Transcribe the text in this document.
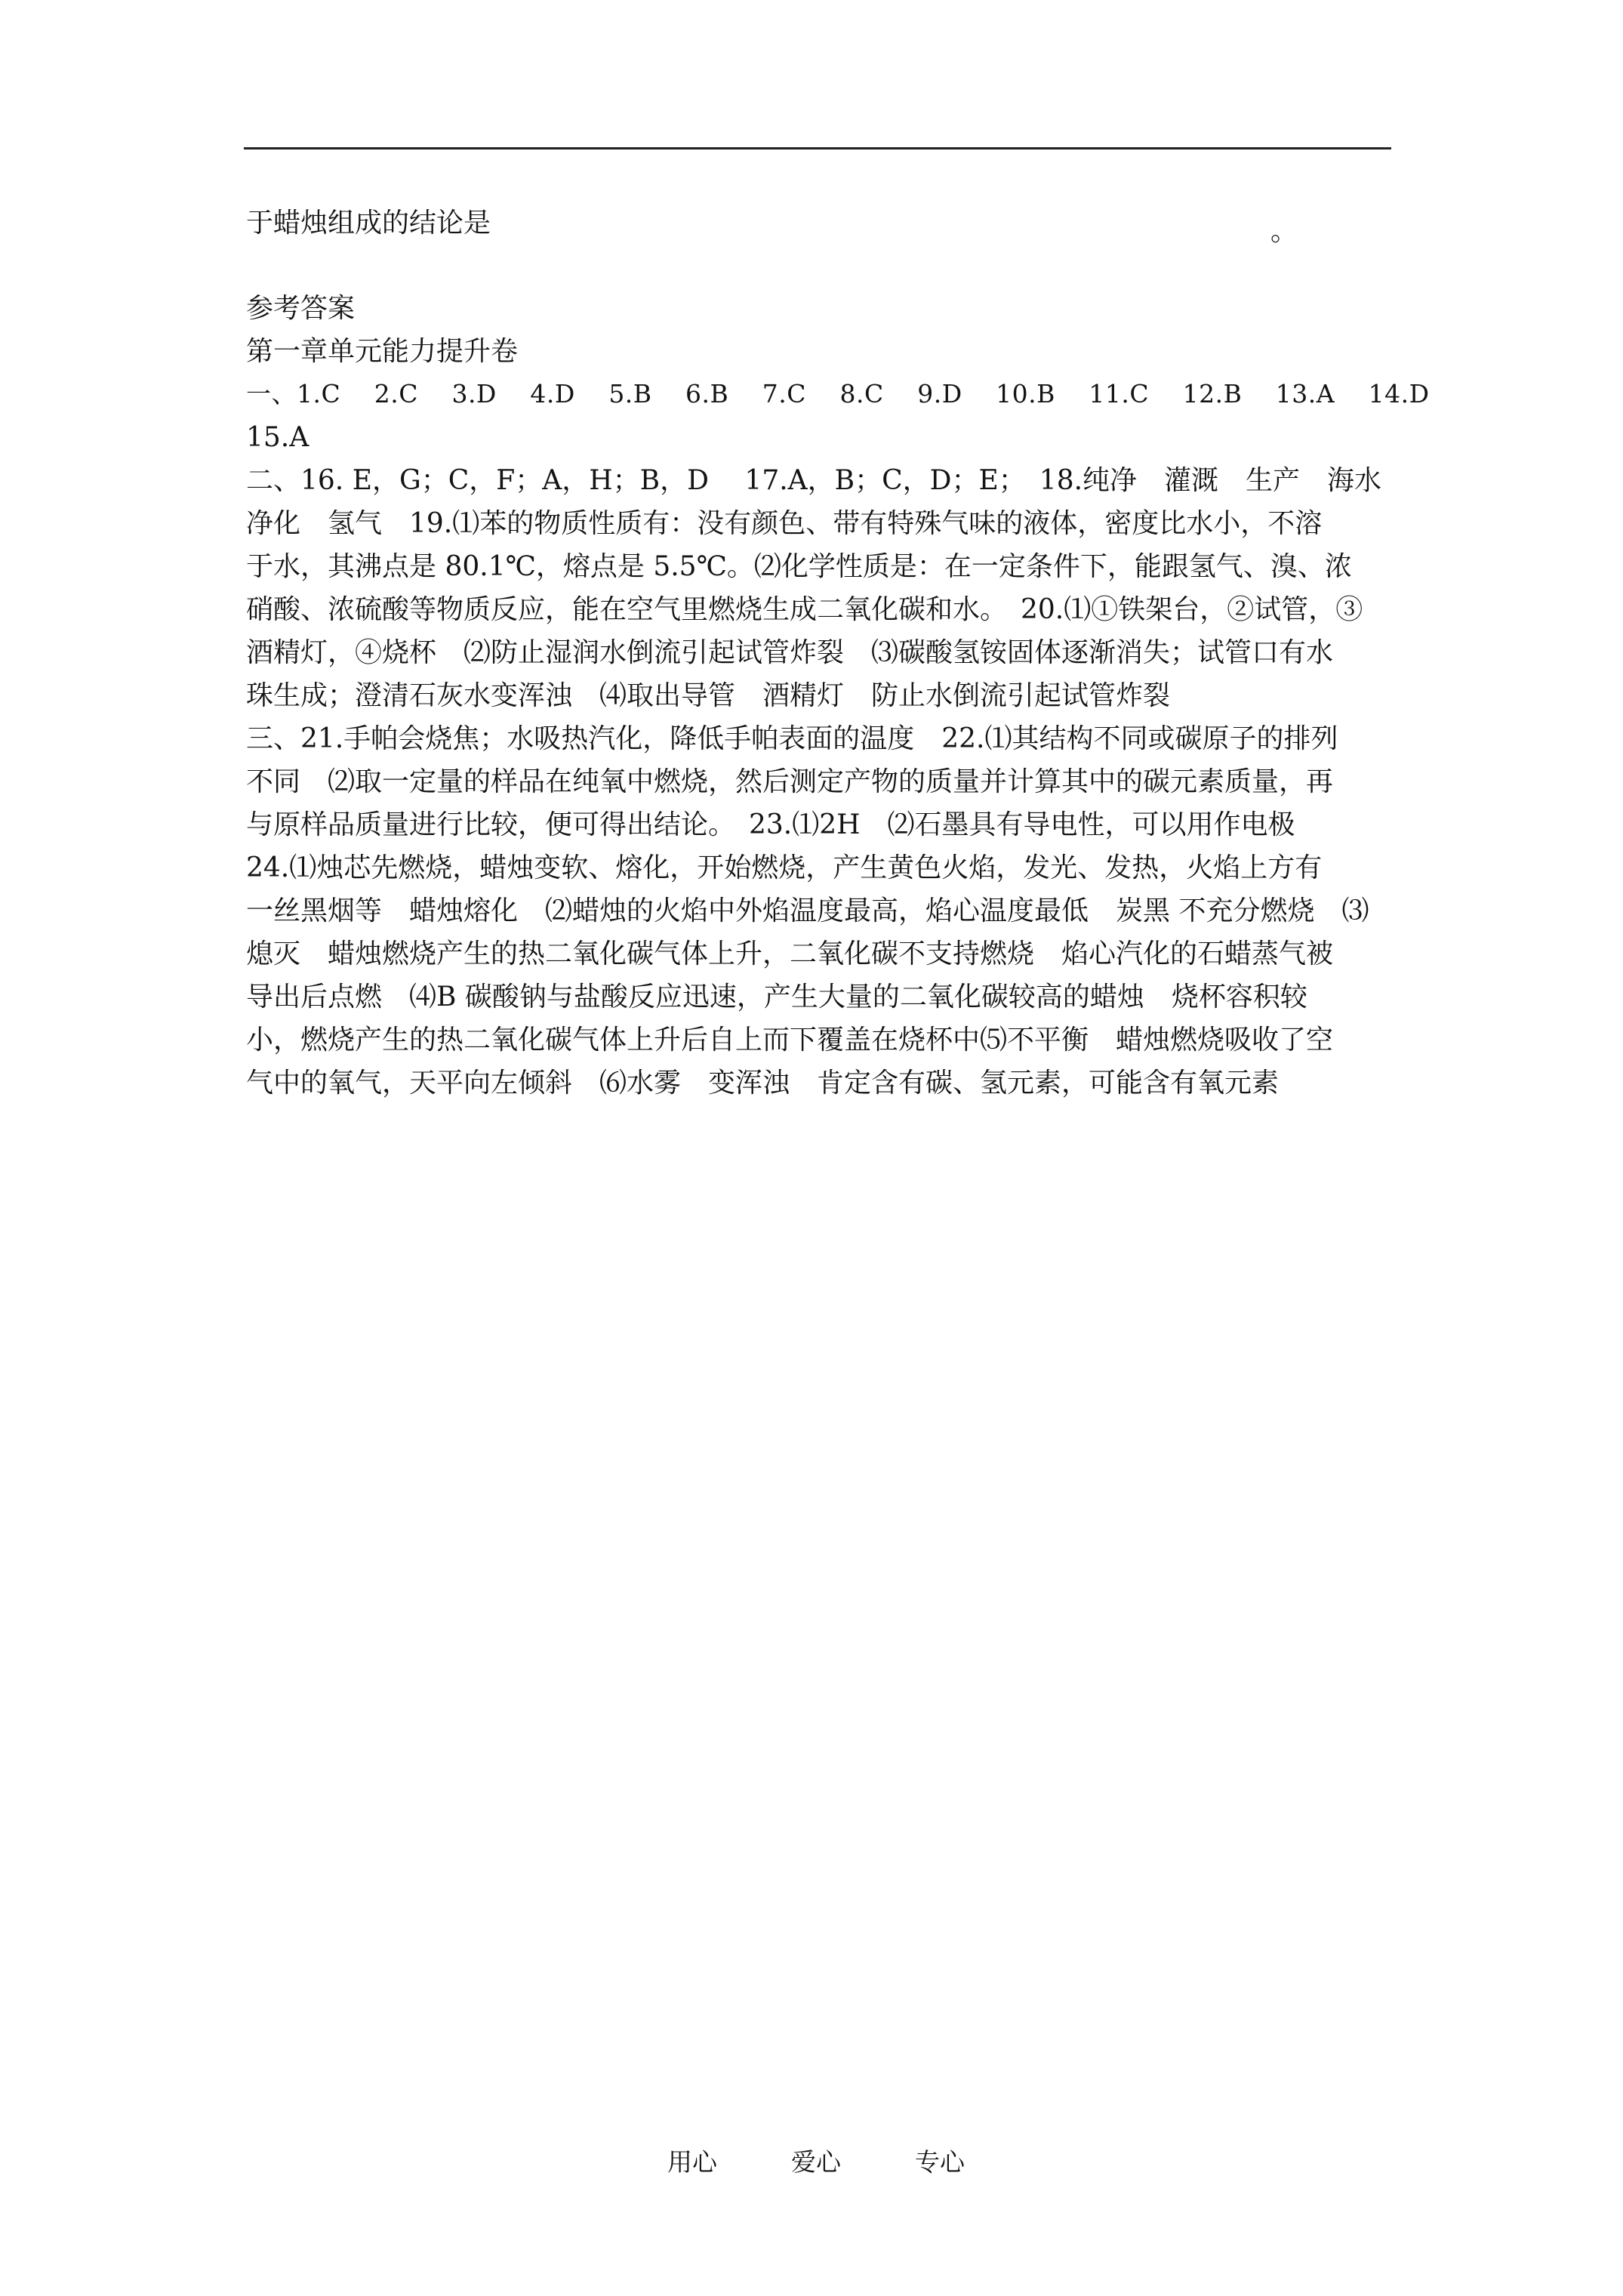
于蜡烛组成的结论是	。
参考答案
第一章单元能力提升卷
一、1.C　 2.C　 3.D　 4.D　 5.B　 6.B　 7.C　 8.C　 9.D　 10.B　 11.C　 12.B　 13.A　 14.D
15.A
二、16. E，G；C，F；A，H；B，D　 17.A，B；C，D；E；　18.纯净　灌溉　生产　海水
净化　氢气　19.⑴苯的物质性质有：没有颜色、带有特殊气味的液体，密度比水小，不溶
于水，其沸点是 80.1℃，熔点是 5.5℃。⑵化学性质是：在一定条件下，能跟氢气、溴、浓
硝酸、浓硫酸等物质反应，能在空气里燃烧生成二氧化碳和水。　20.⑴①铁架台，②试管，③
酒精灯，④烧杯　⑵防止湿润水倒流引起试管炸裂　⑶碳酸氢铵固体逐渐消失；试管口有水
珠生成；澄清石灰水变浑浊　⑷取出导管　酒精灯　防止水倒流引起试管炸裂
三、21.手帕会烧焦；水吸热汽化，降低手帕表面的温度　22.⑴其结构不同或碳原子的排列
不同　⑵取一定量的样品在纯氧中燃烧，然后测定产物的质量并计算其中的碳元素质量，再
与原样品质量进行比较，便可得出结论。　23.⑴2H　⑵石墨具有导电性，可以用作电极
24.⑴烛芯先燃烧，蜡烛变软、熔化，开始燃烧，产生黄色火焰，发光、发热，火焰上方有
一丝黑烟等　蜡烛熔化　⑵蜡烛的火焰中外焰温度最高，焰心温度最低　炭黑 不充分燃烧　⑶
熄灭　蜡烛燃烧产生的热二氧化碳气体上升，二氧化碳不支持燃烧　焰心汽化的石蜡蒸气被
导出后点燃　⑷B 碳酸钠与盐酸反应迅速，产生大量的二氧化碳较高的蜡烛　烧杯容积较
小，燃烧产生的热二氧化碳气体上升后自上而下覆盖在烧杯中⑸不平衡　蜡烛燃烧吸收了空
气中的氧气，天平向左倾斜　⑹水雾　变浑浊　肯定含有碳、氢元素，可能含有氧元素
用心	爱心	专心
